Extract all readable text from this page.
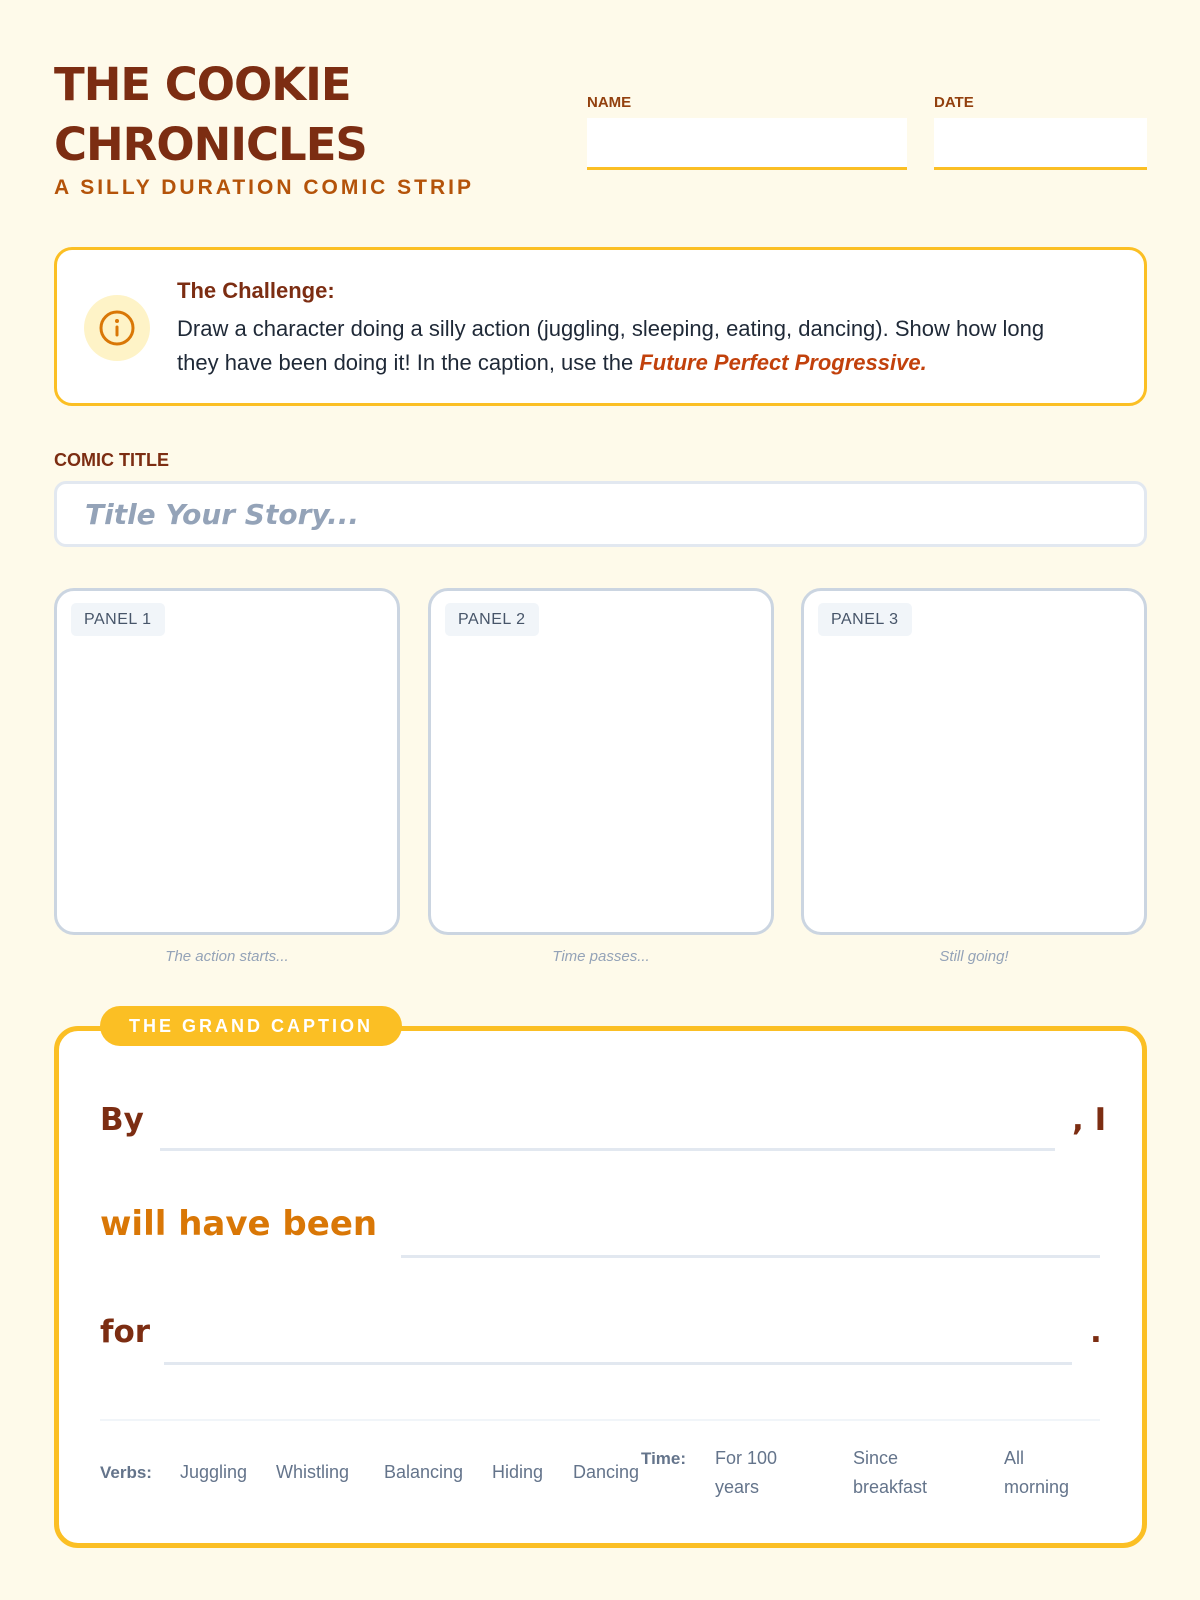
THE COOKIE
CHRONICLES
A SILLY DURATION COMIC STRIP
NAME	DATE
The Challenge:
Draw a character doing a silly action (juggling, sleeping, eating, dancing). Show how long
they have been doing it! In the caption, use the Future Perfect Progressive.
COMIC TITLE
Title Your Story...
PANEL 1
The action starts...
PANEL 2
Time passes...
PANEL 3
Still going!
THE GRAND CAPTION
By	, I
will have been
for	.
Verbs: Juggling Whistling Balancing Hiding Dancing
Time: For 100
years
Since
breakfast
All
morning
